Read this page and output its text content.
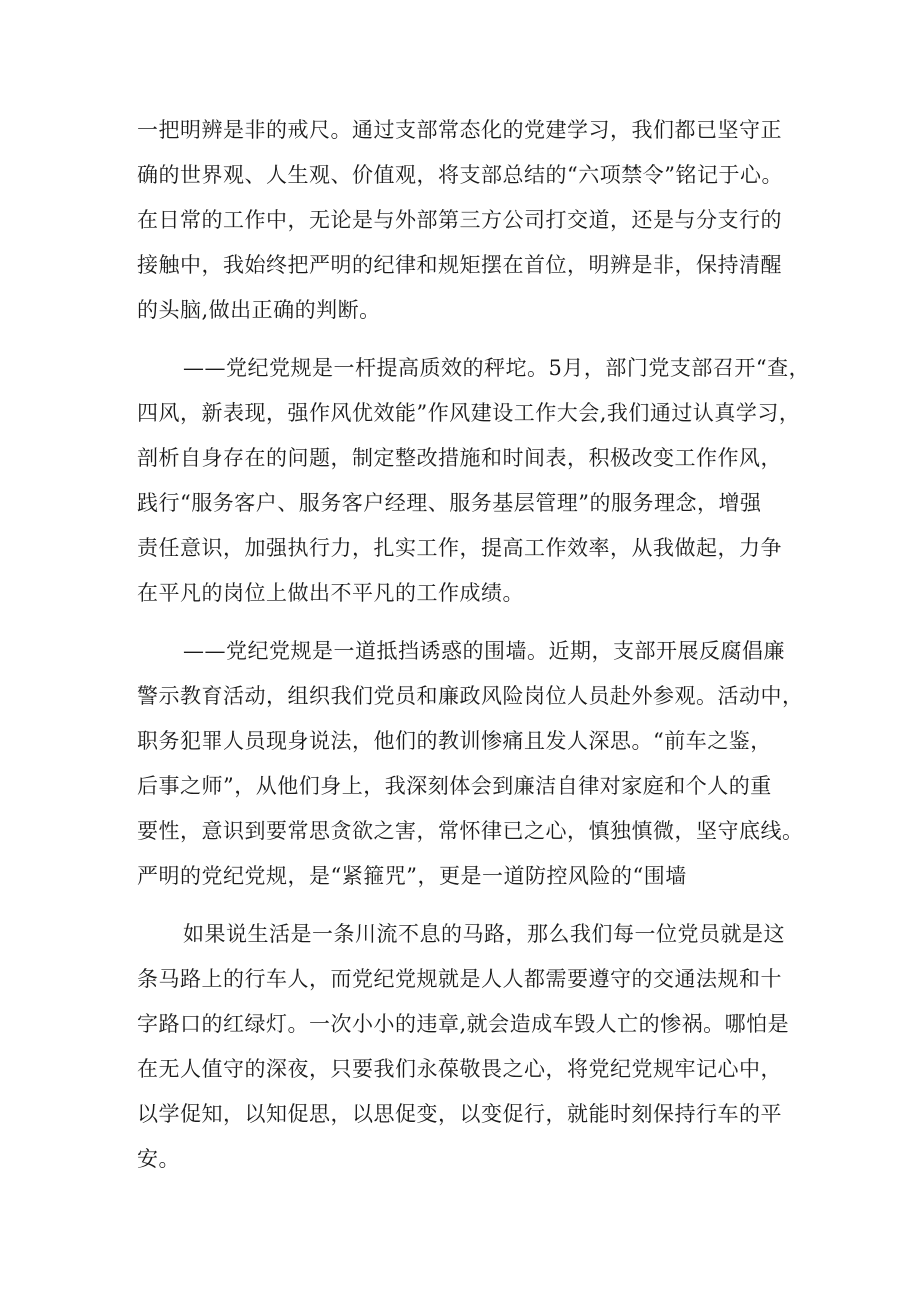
一把明辨是非的戒尺。通过支部常态化的党建学习，我们都已坚守正
确的世界观、人生观、价值观，将支部总结的“六项禁令”铭记于心。
在日常的工作中，无论是与外部第三方公司打交道，还是与分支行的
接触中，我始终把严明的纪律和规矩摆在首位，明辨是非，保持清醒
的头脑,做出正确的判断。
——党纪党规是一杆提高质效的秤坨。5月，部门党支部召开“查，
四风，新表现，强作风优效能”作风建设工作大会,我们通过认真学习，
剖析自身存在的问题，制定整改措施和时间表，积极改变工作作风，
践行“服务客户、服务客户经理、服务基层管理”的服务理念，增强
责任意识，加强执行力，扎实工作，提高工作效率，从我做起，力争
在平凡的岗位上做出不平凡的工作成绩。
——党纪党规是一道抵挡诱惑的围墙。近期，支部开展反腐倡廉
警示教育活动，组织我们党员和廉政风险岗位人员赴外参观。活动中，
职务犯罪人员现身说法，他们的教训惨痛且发人深思。“前车之鉴，
后事之师”，从他们身上，我深刻体会到廉洁自律对家庭和个人的重
要性，意识到要常思贪欲之害，常怀律已之心，慎独慎微，坚守底线。
严明的党纪党规，是“紧箍咒”，更是一道防控风险的“围墙
如果说生活是一条川流不息的马路，那么我们每一位党员就是这
条马路上的行车人，而党纪党规就是人人都需要遵守的交通法规和十
字路口的红绿灯。一次小小的违章,就会造成车毁人亡的惨祸。哪怕是
在无人值守的深夜，只要我们永葆敬畏之心，将党纪党规牢记心中，
以学促知，以知促思，以思促变，以变促行，就能时刻保持行车的平
安。
